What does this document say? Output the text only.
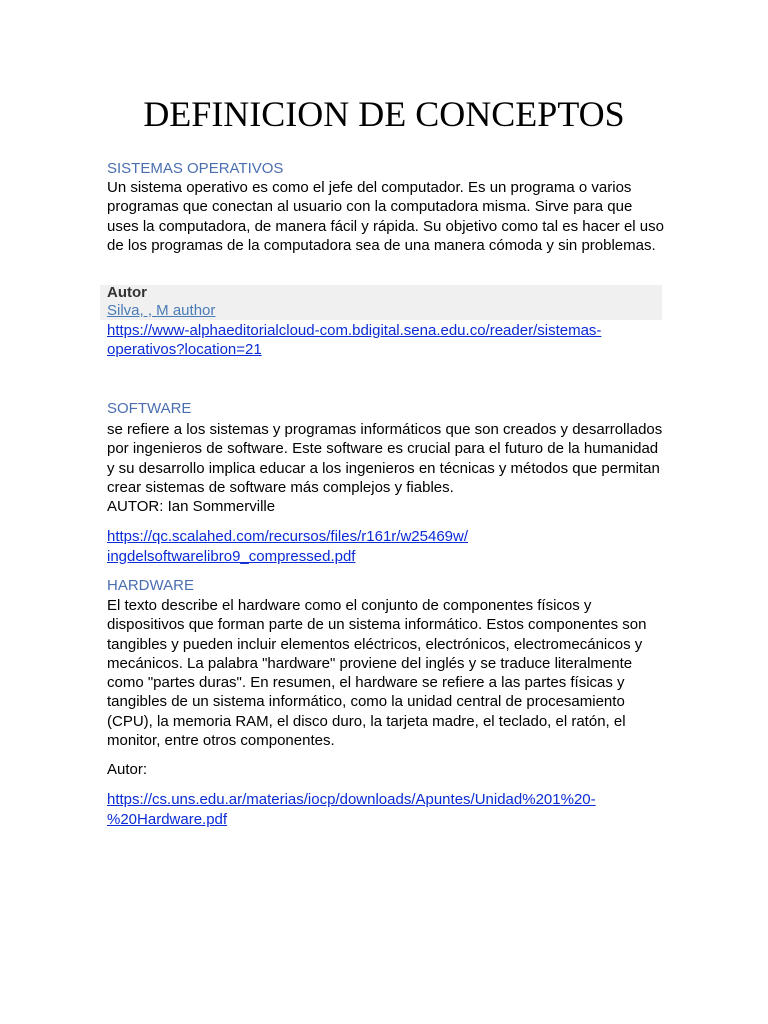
DEFINICION DE CONCEPTOS
SISTEMAS OPERATIVOS

Un sistema operativo es como el jefe del computador. Es un programa o varios programas que conectan al usuario con la computadora misma. Sirve para que uses la computadora, de manera fácil y rápida. Su objetivo como tal es hacer el uso de los programas de la computadora sea de una manera cómoda y sin problemas.

Autor
Silva, , M author
https://www-alphaeditorialcloud-com.bdigital.sena.edu.co/reader/sistemas-
operativos?location=21
SOFTWARE

se refiere a los sistemas y programas informáticos que son creados y desarrollados por ingenieros de software. Este software es crucial para el futuro de la humanidad y su desarrollo implica educar a los ingenieros en técnicas y métodos que permitan crear sistemas de software más complejos y fiables.

AUTOR: Ian Sommerville
https://qc.scalahed.com/recursos/files/r161r/w25469w/
ingdelsoftwarelibro9_compressed.pdf
HARDWARE

El texto describe el hardware como el conjunto de componentes físicos y dispositivos que forman parte de un sistema informático. Estos componentes son tangibles y pueden incluir elementos eléctricos, electrónicos, electromecánicos y mecánicos. La palabra "hardware" proviene del inglés y se traduce literalmente como "partes duras". En resumen, el hardware se refiere a las partes físicas y tangibles de un sistema informático, como la unidad central de procesamiento (CPU), la memoria RAM, el disco duro, la tarjeta madre, el teclado, el ratón, el monitor, entre otros componentes.

Autor:
https://cs.uns.edu.ar/materias/iocp/downloads/Apuntes/Unidad%201%20-
%20Hardware.pdf
